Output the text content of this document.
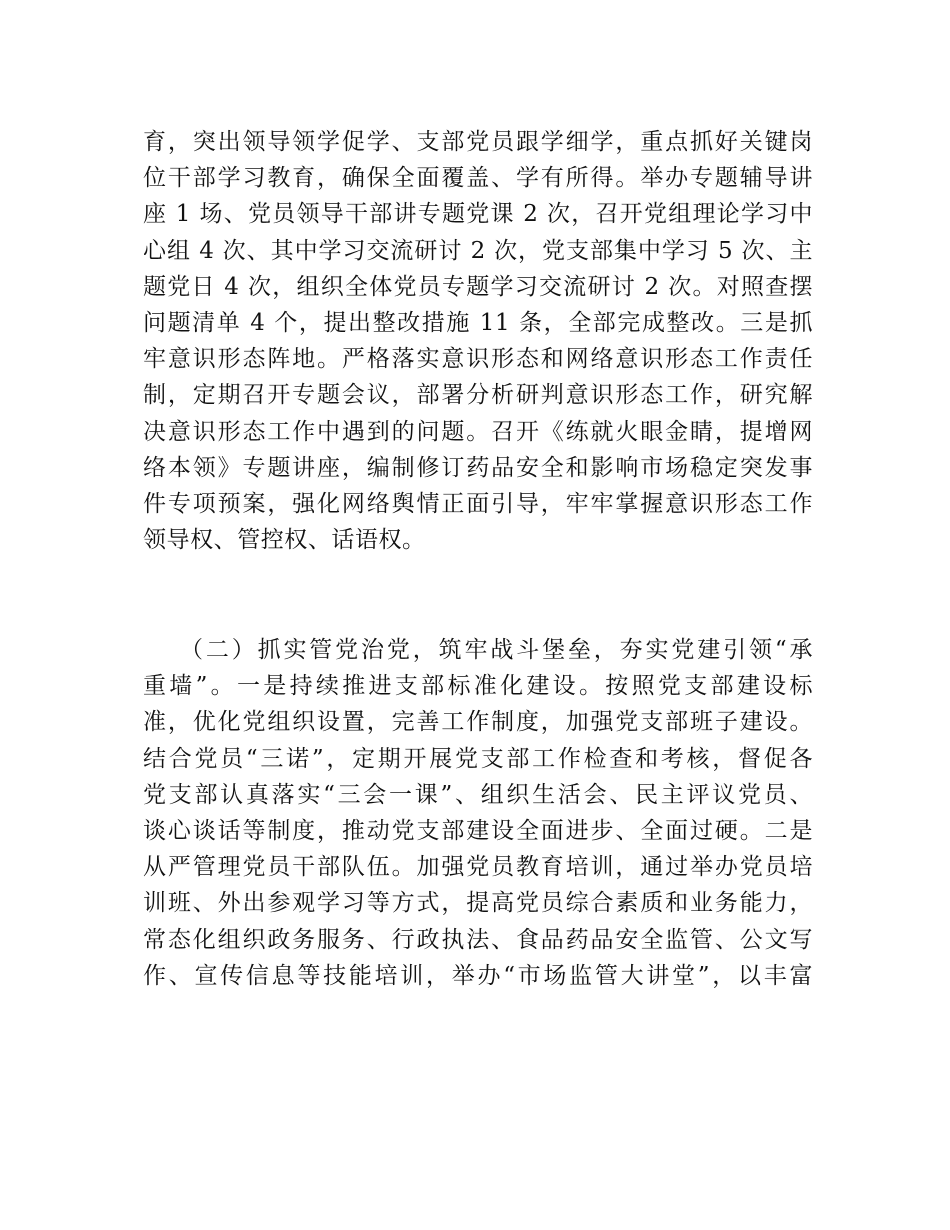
育，突出领导领学促学、支部党员跟学细学，重点抓好关键岗
位干部学习教育，确保全面覆盖、学有所得。举办专题辅导讲
座 1 场、党员领导干部讲专题党课 2 次，召开党组理论学习中
心组 4 次、其中学习交流研讨 2 次，党支部集中学习 5 次、主
题党日 4 次，组织全体党员专题学习交流研讨 2 次。对照查摆
问题清单 4 个，提出整改措施 11 条，全部完成整改。三是抓
牢意识形态阵地。严格落实意识形态和网络意识形态工作责任
制，定期召开专题会议，部署分析研判意识形态工作，研究解
决意识形态工作中遇到的问题。召开《练就火眼金睛，提增网
络本领》专题讲座，编制修订药品安全和影响市场稳定突发事
件专项预案，强化网络舆情正面引导，牢牢掌握意识形态工作
领导权、管控权、话语权。
（二）抓实管党治党，筑牢战斗堡垒，夯实党建引领“承
重墙”。一是持续推进支部标准化建设。按照党支部建设标
准，优化党组织设置，完善工作制度，加强党支部班子建设。
结合党员“三诺”，定期开展党支部工作检查和考核，督促各
党支部认真落实“三会一课”、组织生活会、民主评议党员、
谈心谈话等制度，推动党支部建设全面进步、全面过硬。二是
从严管理党员干部队伍。加强党员教育培训，通过举办党员培
训班、外出参观学习等方式，提高党员综合素质和业务能力，
常态化组织政务服务、行政执法、食品药品安全监管、公文写
作、宣传信息等技能培训，举办“市场监管大讲堂”，以丰富
